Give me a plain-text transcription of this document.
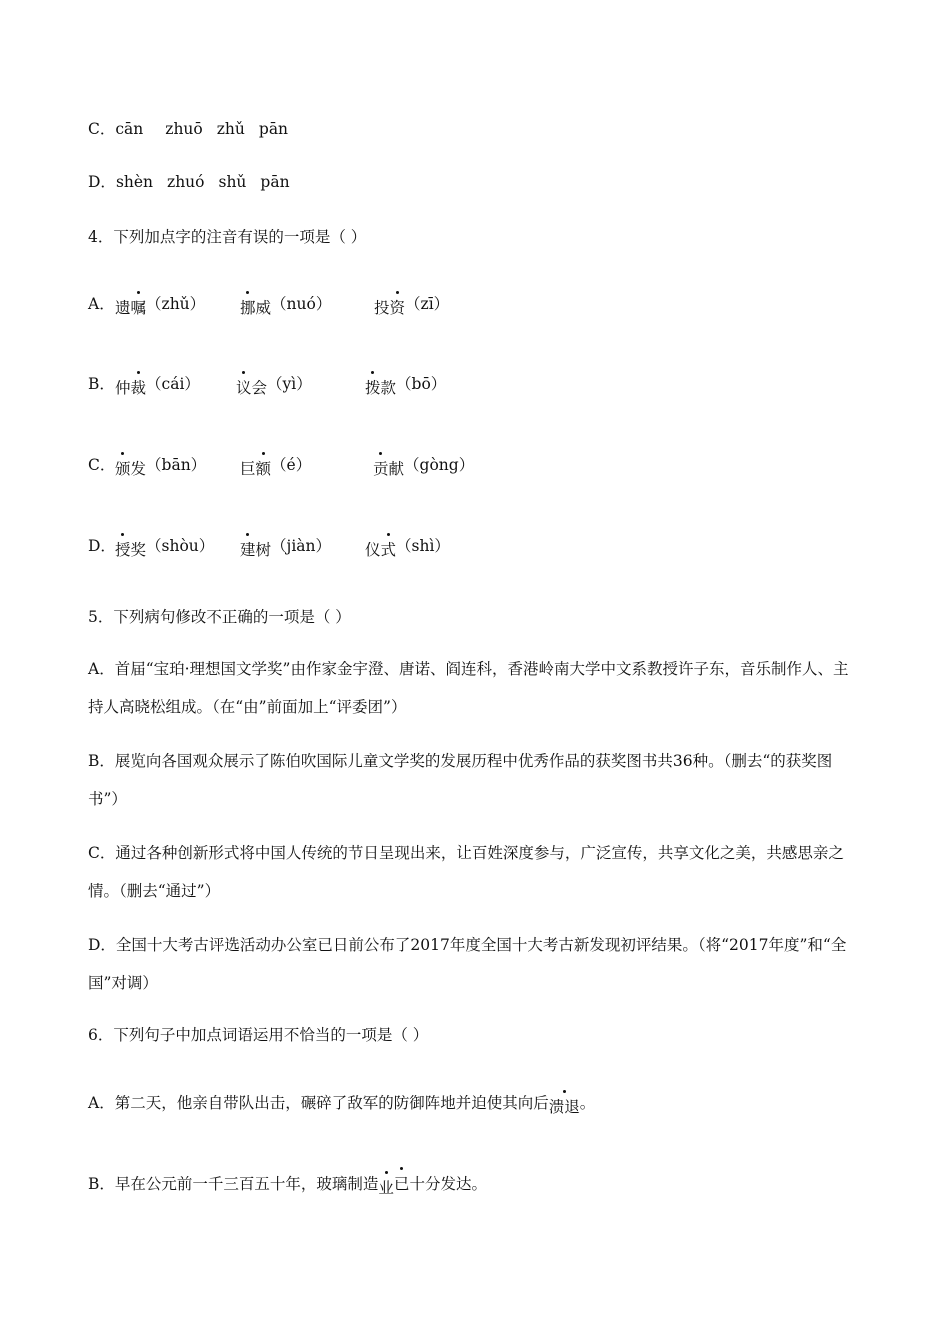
C．cān zhuō zhǔ pān
D．shèn zhuó shǔ pān
4．下列加点字的注音有误的一项是（ ）
A． 遗嘱（zhǔ） 挪威（nuó）	投资（zī）
B． 仲裁（cái） 议会（yì）	拨款（bō）
C． 颁发（bān） 巨额（é）	贡献（gòng）
D． 授奖（shòu） 建树（jiàn） 仪式（shì）
5．下列病句修改不正确的一项是（ ）
A．首届“宝珀·理想国文学奖”由作家金宇澄、唐诺、阎连科，香港岭南大学中文系教授许子东，音乐制作人、主持人高晓松组成。（在“由”前面加上“评委团”）
B．展览向各国观众展示了陈伯吹国际儿童文学奖的发展历程中优秀作品的获奖图书共36种。（删去“的获奖图书”）
C．通过各种创新形式将中国人传统的节日呈现出来，让百姓深度参与，广泛宣传，共享文化之美，共感思亲之情。（删去“通过”）
D．全国十大考古评选活动办公室已日前公布了2017年度全国十大考古新发现初评结果。（将“2017年度”和“全国”对调）
6．下列句子中加点词语运用不恰当的一项是（ ）
A．第二天，他亲自带队出击，碾碎了敌军的防御阵地并迫使其向后溃退。
B．早在公元前一千三百五十年，玻璃制造业已十分发达。
